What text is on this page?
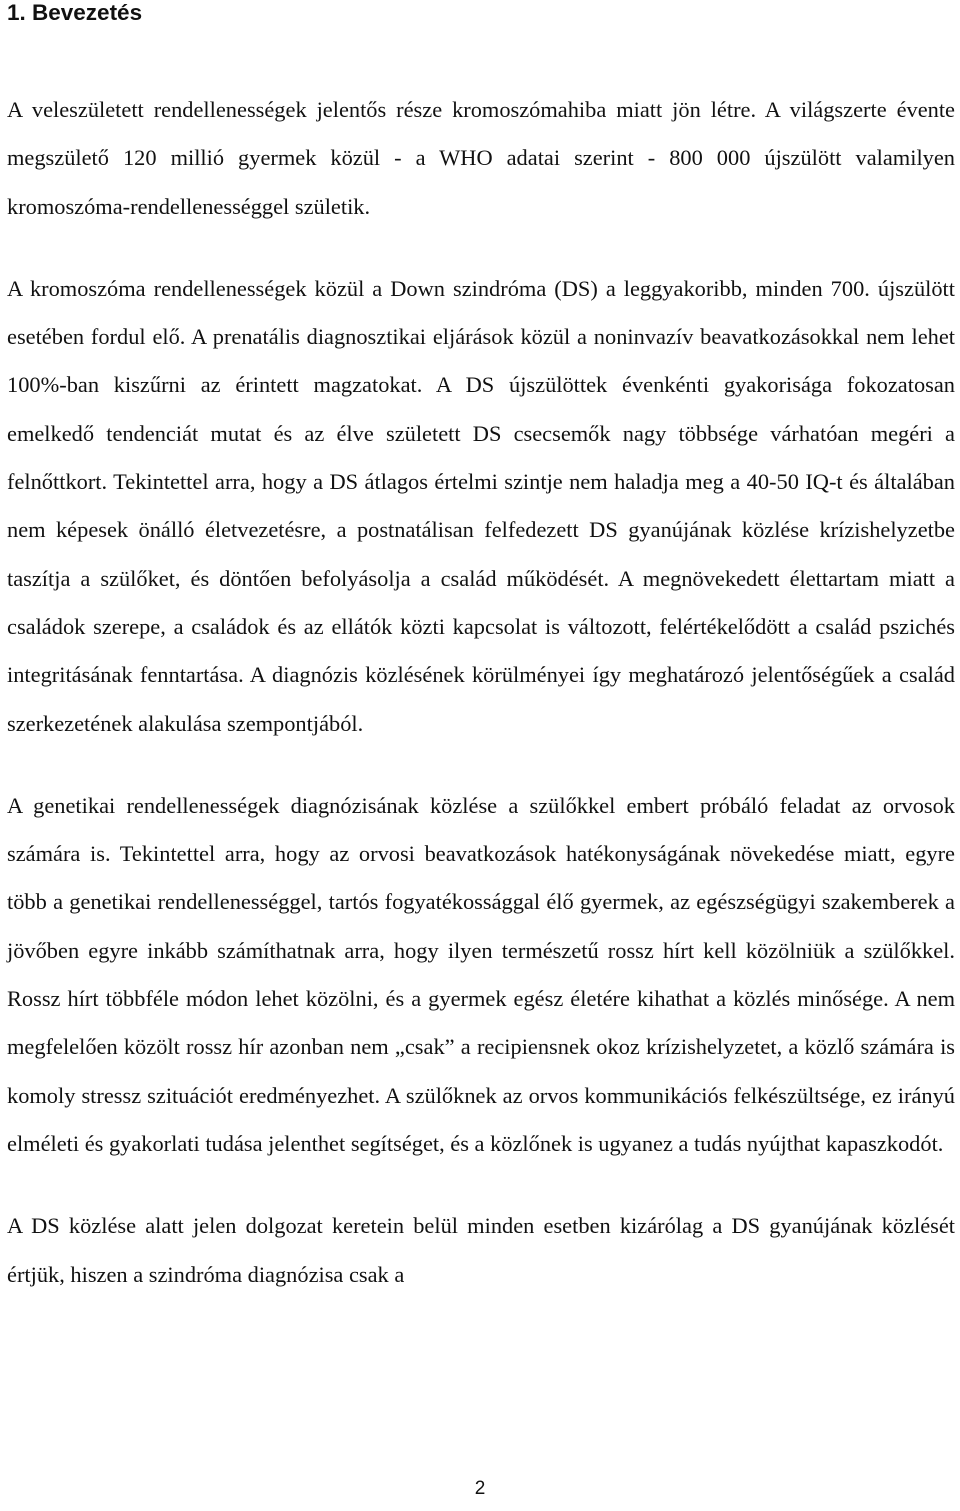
1. Bevezetés

A veleszületett rendellenességek jelentős része kromoszómahiba miatt jön létre. A világszerte évente megszülető 120 millió gyermek közül - a WHO adatai szerint - 800 000 újszülött valamilyen kromoszóma-rendellenességgel születik.

A kromoszóma rendellenességek közül a Down szindróma (DS) a leggyakoribb, minden 700. újszülött esetében fordul elő. A prenatális diagnosztikai eljárások közül a noninvazív beavatkozásokkal nem lehet 100%-ban kiszűrni az érintett magzatokat. A DS újszülöttek évenkénti gyakorisága fokozatosan emelkedő tendenciát mutat és az élve született DS csecsemők nagy többsége várhatóan megéri a felnőttkort. Tekintettel arra, hogy a DS átlagos értelmi szintje nem haladja meg a 40-50 IQ-t és általában nem képesek önálló életvezetésre, a postnatálisan felfedezett DS gyanújának közlése krízishelyzetbe taszítja a szülőket, és döntően befolyásolja a család működését. A megnövekedett élettartam miatt a családok szerepe, a családok és az ellátók közti kapcsolat is változott, felértékelődött a család pszichés integritásának fenntartása. A diagnózis közlésének körülményei így meghatározó jelentőségűek a család szerkezetének alakulása szempontjából.

A genetikai rendellenességek diagnózisának közlése a szülőkkel embert próbáló feladat az orvosok számára is. Tekintettel arra, hogy az orvosi beavatkozások hatékonyságának növekedése miatt, egyre több a genetikai rendellenességgel, tartós fogyatékossággal élő gyermek, az egészségügyi szakemberek a jövőben egyre inkább számíthatnak arra, hogy ilyen természetű rossz hírt kell közölniük a szülőkkel. Rossz hírt többféle módon lehet közölni, és a gyermek egész életére kihathat a közlés minősége. A nem megfelelően közölt rossz hír azonban nem „csak” a recipiensnek okoz krízishelyzetet, a közlő számára is komoly stressz szituációt eredményezhet. A szülőknek az orvos kommunikációs felkészültsége, ez irányú elméleti és gyakorlati tudása jelenthet segítséget, és a közlőnek is ugyanez a tudás nyújthat kapaszkodót.

A DS közlése alatt jelen dolgozat keretein belül minden esetben kizárólag a DS gyanújának közlését értjük, hiszen a szindróma diagnózisa csak a

2
